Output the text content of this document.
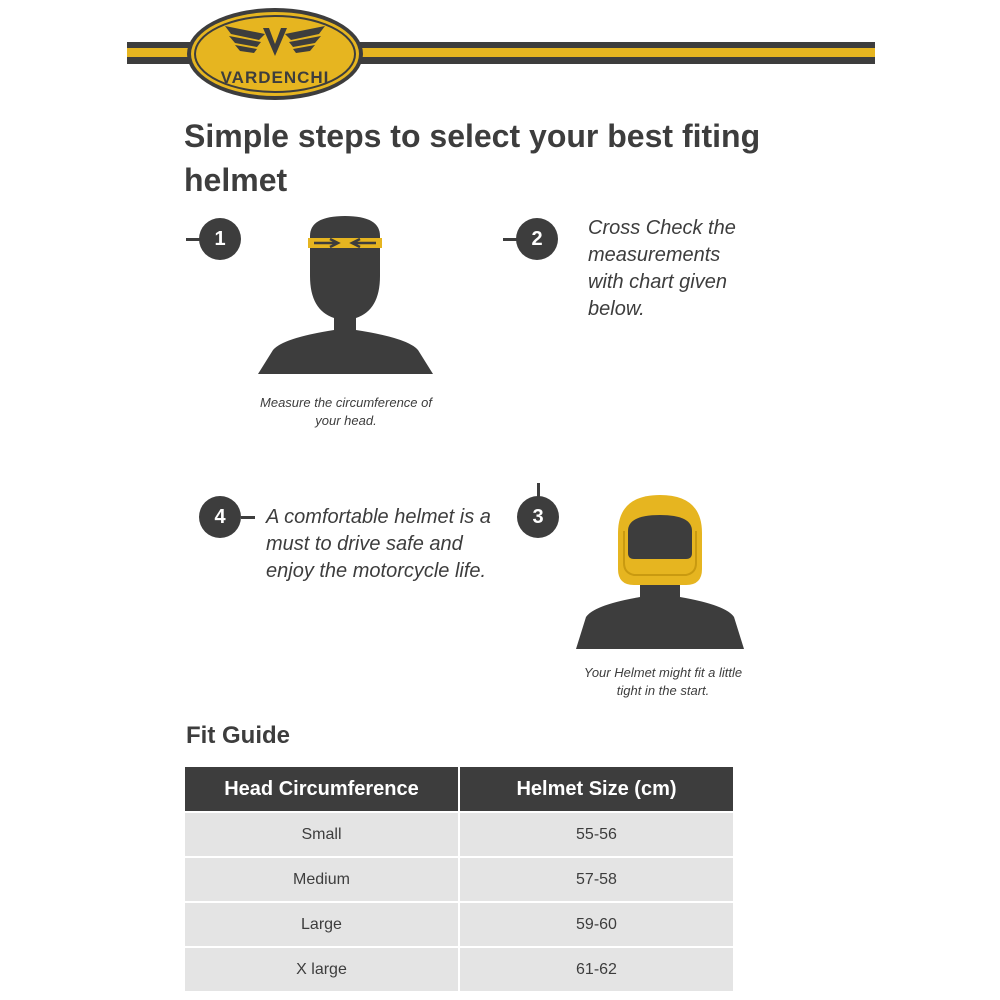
VARDENCHI
Simple steps to select your best fiting helmet
1

Measure the circumference of your head.

2	Cross Check the measurements with chart given below.

4	A comfortable helmet is a must to drive safe and enjoy the motorcycle life.

3

Your Helmet might fit a little tight in the start.

Fit Guide
Head Circumference	Helmet Size (cm)
Small	55-56
Medium	57-58
Large	59-60
X large	61-62
